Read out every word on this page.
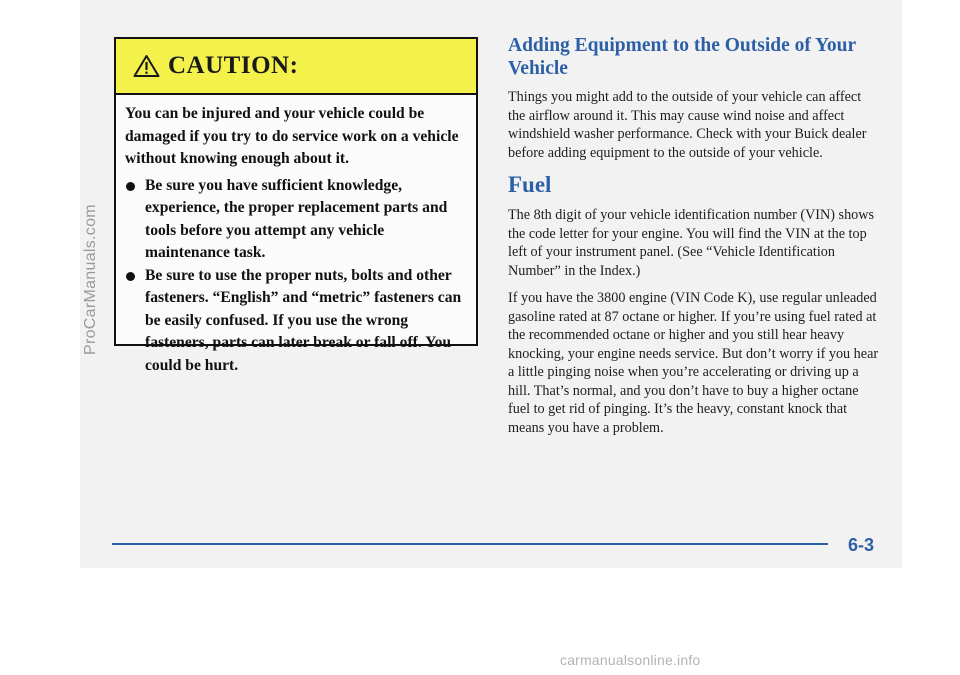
CAUTION:

You can be injured and your vehicle could be damaged if you try to do service work on a vehicle without knowing enough about it.

Be sure you have sufficient knowledge, experience, the proper replacement parts and tools before you attempt any vehicle maintenance task.
Be sure to use the proper nuts, bolts and other fasteners. “English” and “metric” fasteners can be easily confused. If you use the wrong fasteners, parts can later break or fall off. You could be hurt.
Adding Equipment to the Outside of Your Vehicle

Things you might add to the outside of your vehicle can affect the airflow around it. This may cause wind noise and affect windshield washer performance. Check with your Buick dealer before adding equipment to the outside of your vehicle.

Fuel

The 8th digit of your vehicle identification number (VIN) shows the code letter for your engine. You will find the VIN at the top left of your instrument panel. (See “Vehicle Identification Number” in the Index.)

If you have the 3800 engine (VIN Code K), use regular unleaded gasoline rated at 87 octane or higher. If you’re using fuel rated at the recommended octane or higher and you still hear heavy knocking, your engine needs service. But don’t worry if you hear a little pinging noise when you’re accelerating or driving up a hill. That’s normal, and you don’t have to buy a higher octane fuel to get rid of pinging. It’s the heavy, constant knock that means you have a problem.

6-3
ProCarManuals.com
carmanualsonline.info
